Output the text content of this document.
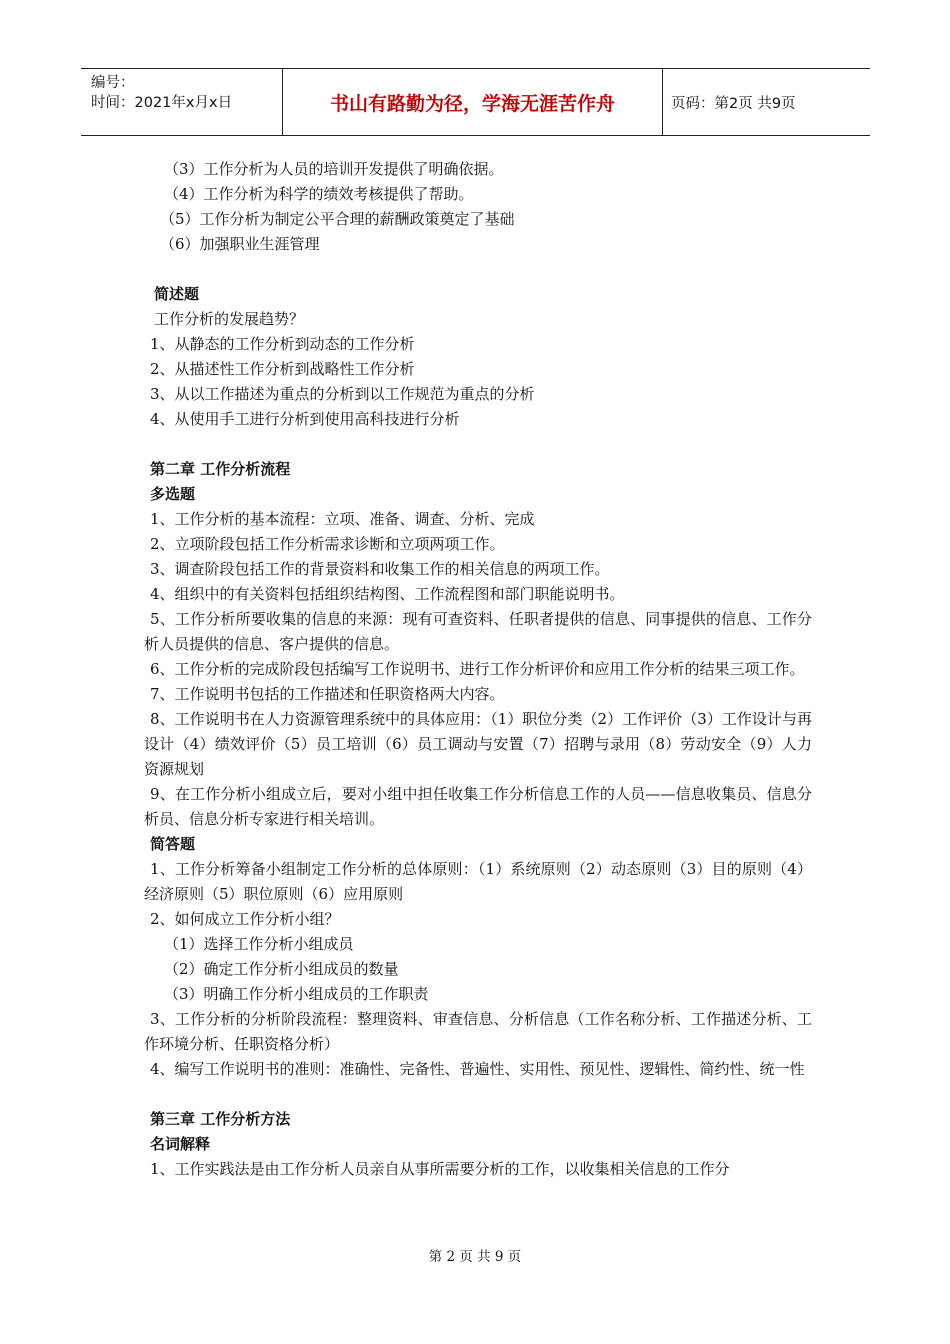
编号：
时间：2021年x月x日	书山有路勤为径，学海无涯苦作舟	页码：第2页 共9页
（3）工作分析为人员的培训开发提供了明确依据。
（4）工作分析为科学的绩效考核提供了帮助。
（5）工作分析为制定公平合理的薪酬政策奠定了基础
（6）加强职业生涯管理
简述题
工作分析的发展趋势？
1、从静态的工作分析到动态的工作分析
2、从描述性工作分析到战略性工作分析
3、从以工作描述为重点的分析到以工作规范为重点的分析
4、从使用手工进行分析到使用高科技进行分析
第二章 工作分析流程
多选题
1、工作分析的基本流程：立项、准备、调查、分析、完成
2、立项阶段包括工作分析需求诊断和立项两项工作。
3、调查阶段包括工作的背景资料和收集工作的相关信息的两项工作。
4、组织中的有关资料包括组织结构图、工作流程图和部门职能说明书。
5、工作分析所要收集的信息的来源：现有可查资料、任职者提供的信息、同事提供的信息、工作分析人员提供的信息、客户提供的信息。
6、工作分析的完成阶段包括编写工作说明书、进行工作分析评价和应用工作分析的结果三项工作。
7、工作说明书包括的工作描述和任职资格两大内容。
8、工作说明书在人力资源管理系统中的具体应用：（1）职位分类（2）工作评价（3）工作设计与再设计（4）绩效评价（5）员工培训（6）员工调动与安置（7）招聘与录用（8）劳动安全（9）人力资源规划
9、在工作分析小组成立后，要对小组中担任收集工作分析信息工作的人员——信息收集员、信息分析员、信息分析专家进行相关培训。
简答题
1、工作分析筹备小组制定工作分析的总体原则：（1）系统原则（2）动态原则（3）目的原则（4）经济原则（5）职位原则（6）应用原则
2、如何成立工作分析小组？
（1）选择工作分析小组成员
（2）确定工作分析小组成员的数量
（3）明确工作分析小组成员的工作职责
3、工作分析的分析阶段流程：整理资料、审查信息、分析信息（工作名称分析、工作描述分析、工作环境分析、任职资格分析）
4、编写工作说明书的准则：准确性、完备性、普遍性、实用性、预见性、逻辑性、简约性、统一性
第三章 工作分析方法
名词解释
1、工作实践法是由工作分析人员亲自从事所需要分析的工作，以收集相关信息的工作分
第 2 页 共 9 页
